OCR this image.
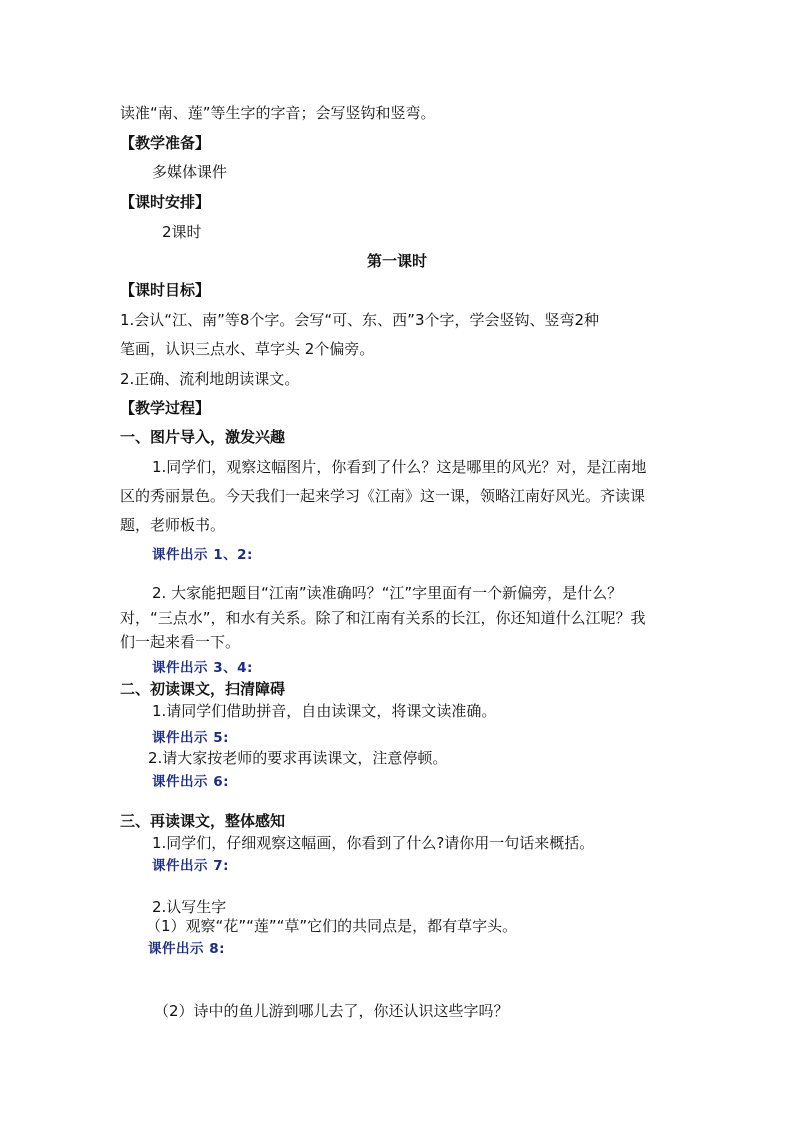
读准“南、莲”等生字的字音；会写竖钩和竖弯。
【教学准备】
多媒体课件
【课时安排】
2课时
第一课时
【课时目标】
1.会认“江、南”等8个字。会写“可、东、西”3个字，学会竖钩、竖弯2种
笔画，认识三点水、草字头 2个偏旁。
2.正确、流利地朗读课文。
【教学过程】
一、图片导入，激发兴趣
1.同学们，观察这幅图片，你看到了什么？这是哪里的风光？对，是江南地
区的秀丽景色。今天我们一起来学习《江南》这一课，领略江南好风光。齐读课
题，老师板书。
课件出示 1、2:
2. 大家能把题目“江南”读准确吗？“江”字里面有一个新偏旁，是什么？
对，“三点水”，和水有关系。除了和江南有关系的长江，你还知道什么江呢？我
们一起来看一下。
课件出示 3、4:
二、初读课文，扫清障碍
1.请同学们借助拼音，自由读课文，将课文读准确。
课件出示 5:
2.请大家按老师的要求再读课文，注意停顿。
课件出示 6:
三、再读课文，整体感知
1.同学们，仔细观察这幅画，你看到了什么?请你用一句话来概括。
课件出示 7:
2.认写生字
（1）观察“花”“莲”“草”它们的共同点是，都有草字头。
课件出示 8:
（2）诗中的鱼儿游到哪儿去了，你还认识这些字吗？
